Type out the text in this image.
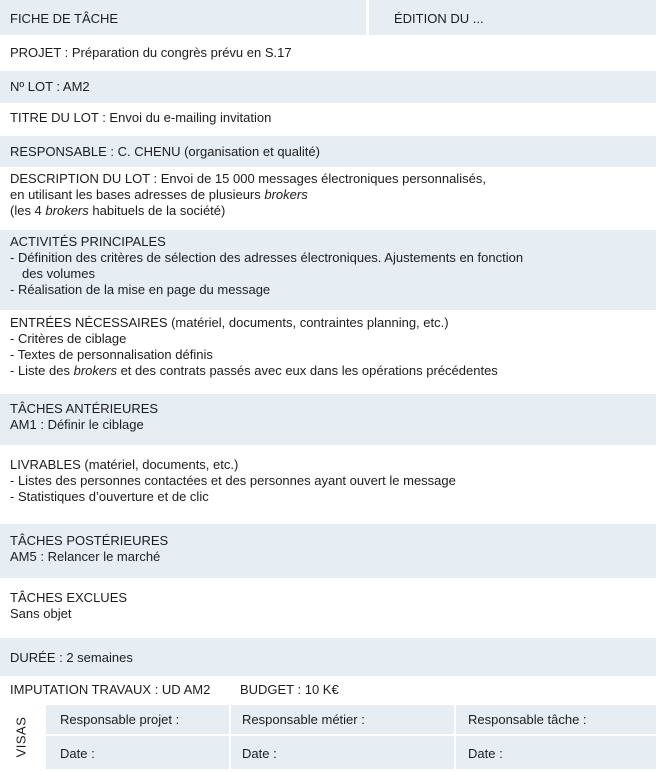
FICHE DE TÂCHE	ÉDITION DU ...
PROJET : Préparation du congrès prévu en S.17
Nº LOT : AM2
TITRE DU LOT : Envoi du e-mailing invitation
RESPONSABLE : C. CHENU (organisation et qualité)
DESCRIPTION DU LOT : Envoi de 15 000 messages électroniques personnalisés,
en utilisant les bases adresses de plusieurs brokers
(les 4 brokers habituels de la société)
ACTIVITÉS PRINCIPALES
- Définition des critères de sélection des adresses électroniques. Ajustements en fonction
des volumes
- Réalisation de la mise en page du message
ENTRÉES NÉCESSAIRES (matériel, documents, contraintes planning, etc.)
- Critères de ciblage
- Textes de personnalisation définis
- Liste des brokers et des contrats passés avec eux dans les opérations précédentes
TÂCHES ANTÉRIEURES
AM1 : Définir le ciblage
LIVRABLES (matériel, documents, etc.)
- Listes des personnes contactées et des personnes ayant ouvert le message
- Statistiques d’ouverture et de clic
TÂCHES POSTÉRIEURES
AM5 : Relancer le marché
TÂCHES EXCLUES
Sans objet
DURÉE : 2 semaines
IMPUTATION TRAVAUX : UD AM2 BUDGET : 10 K€
VISAS	Responsable projet :	Responsable métier :	Responsable tâche :
Date :	Date :	Date :
